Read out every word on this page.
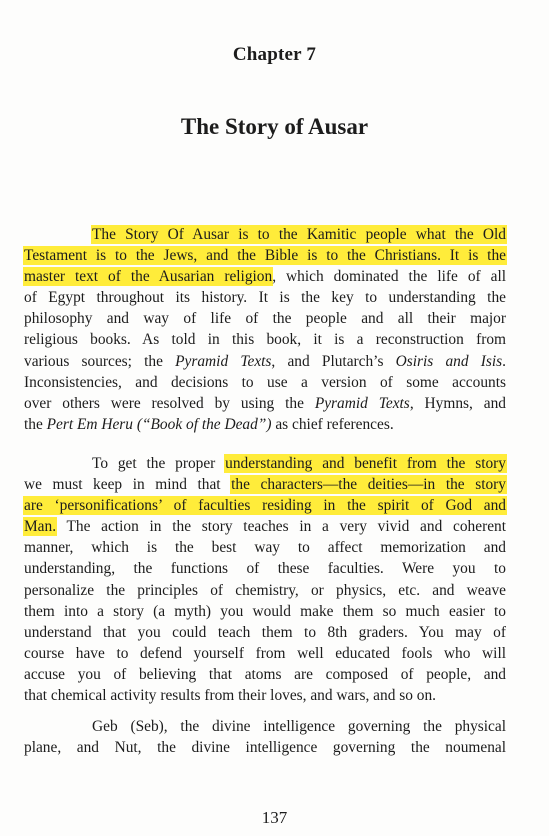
Chapter 7
The Story of Ausar
The Story Of Ausar is to the Kamitic people what the Old
Testament is to the Jews, and the Bible is to the Christians. It is the
master text of the Ausarian religion, which dominated the life of all
of Egypt throughout its history. It is the key to understanding the
philosophy and way of life of the people and all their major
religious books. As told in this book, it is a reconstruction from
various sources; the Pyramid Texts, and Plutarch’s Osiris and Isis.
Inconsistencies, and decisions to use a version of some accounts
over others were resolved by using the Pyramid Texts, Hymns, and
the Pert Em Heru (“Book of the Dead”) as chief references.
To get the proper understanding and benefit from the story
we must keep in mind that the characters—the deities—in the story
are ‘personifications’ of faculties residing in the spirit of God and
Man. The action in the story teaches in a very vivid and coherent
manner, which is the best way to affect memorization and
understanding, the functions of these faculties. Were you to
personalize the principles of chemistry, or physics, etc. and weave
them into a story (a myth) you would make them so much easier to
understand that you could teach them to 8th graders. You may of
course have to defend yourself from well educated fools who will
accuse you of believing that atoms are composed of people, and
that chemical activity results from their loves, and wars, and so on.
Geb (Seb), the divine intelligence governing the physical
plane, and Nut, the divine intelligence governing the noumenal
137
